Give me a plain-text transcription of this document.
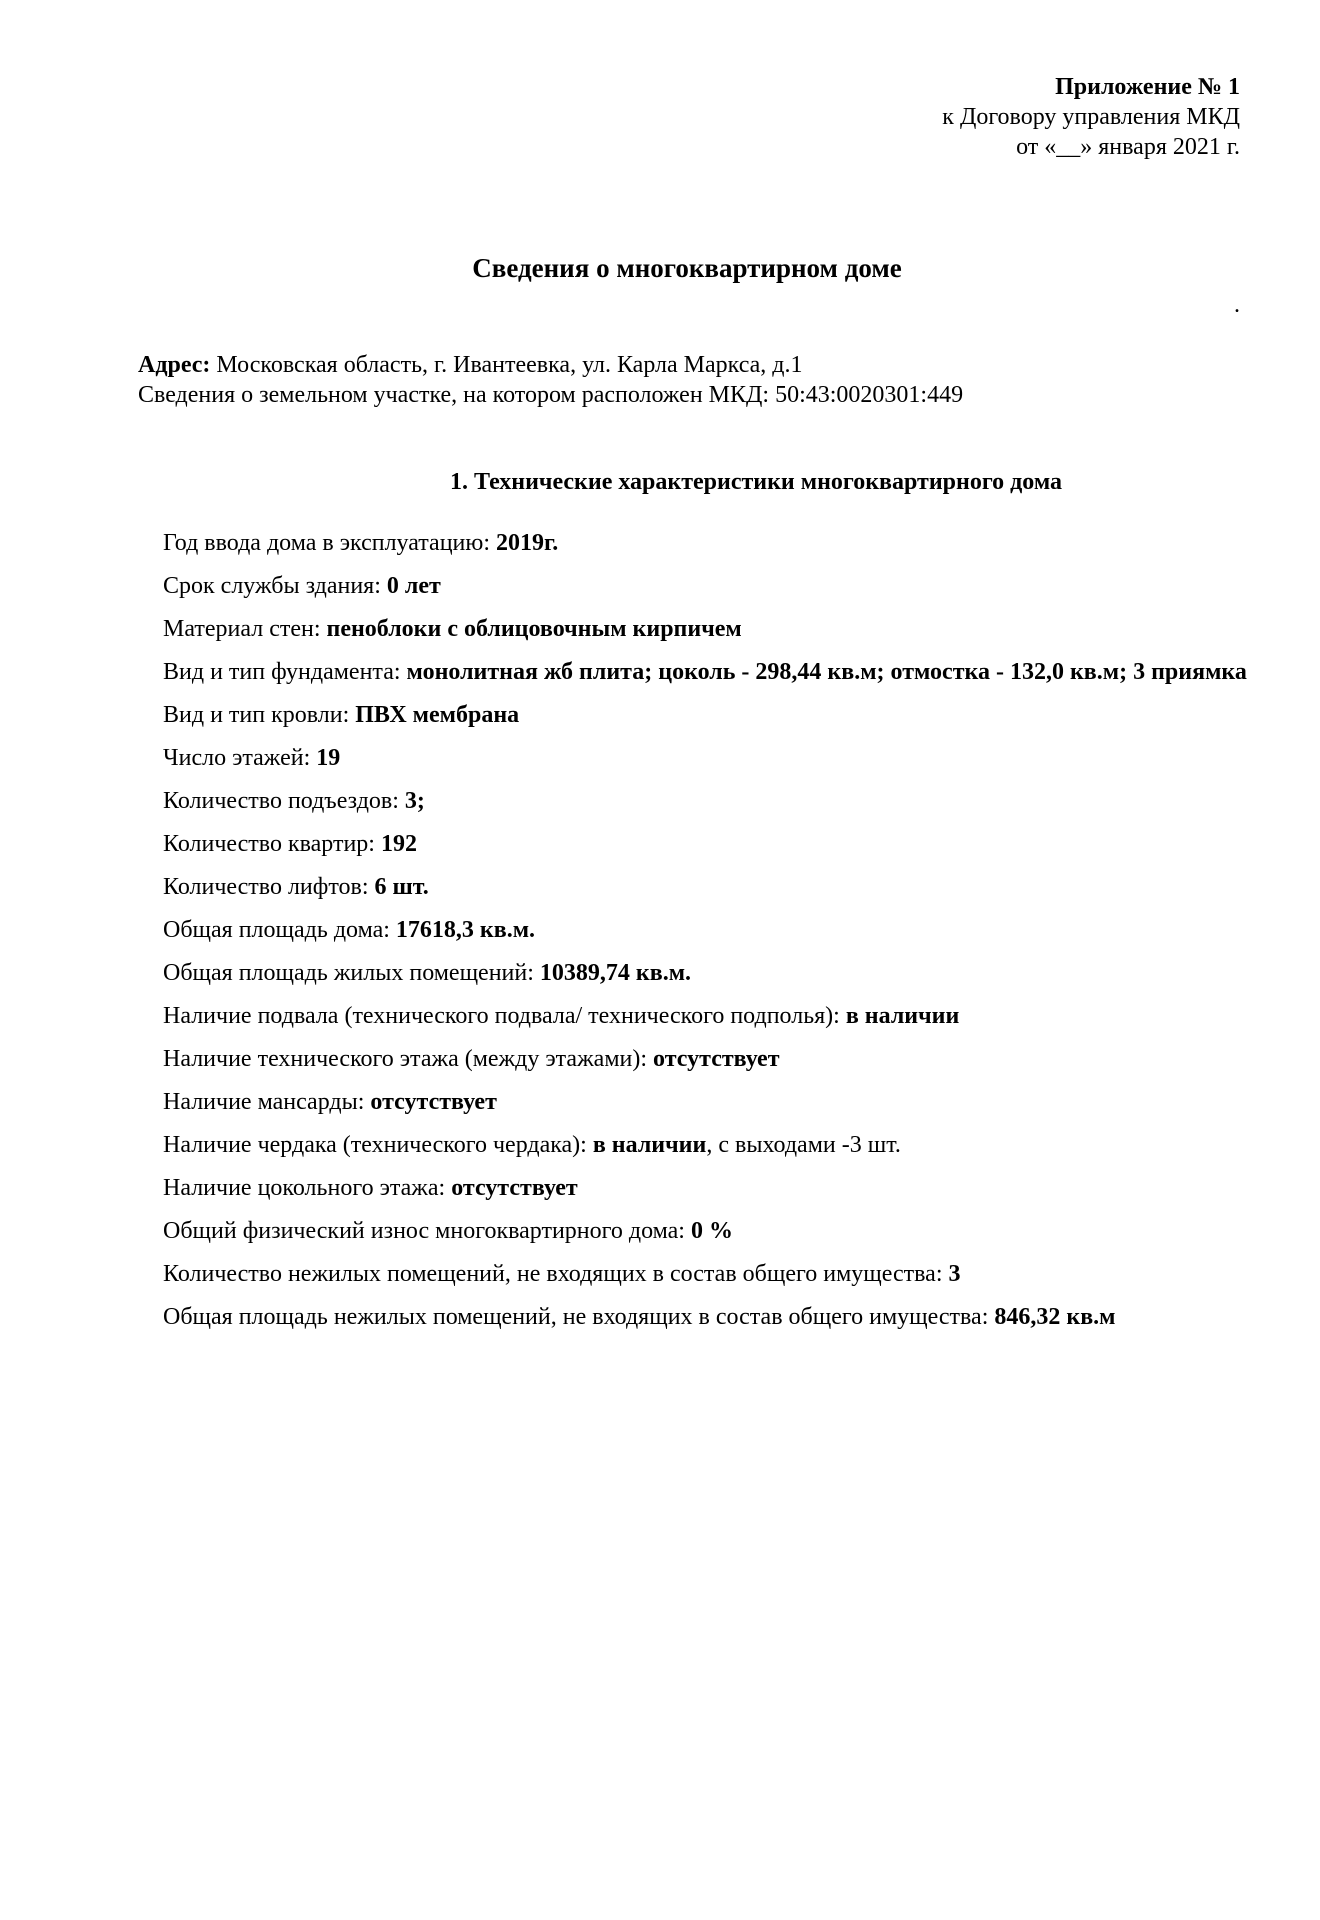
Приложение № 1
к Договору управления МКД
от «__» января 2021 г.
Сведения о многоквартирном доме
.
Адрес: Московская область, г. Ивантеевка, ул. Карла Маркса, д.1
Сведения о земельном участке, на котором расположен МКД: 50:43:0020301:449
1. Технические характеристики многоквартирного дома
Год ввода дома в эксплуатацию: 2019г.
Срок службы здания: 0 лет
Материал стен: пеноблоки с облицовочным кирпичем
Вид и тип фундамента: монолитная жб плита; цоколь - 298,44 кв.м; отмостка - 132,0 кв.м; 3 приямка
Вид и тип кровли: ПВХ мембрана
Число этажей: 19
Количество подъездов: 3;
Количество квартир: 192
Количество лифтов: 6 шт.
Общая площадь дома: 17618,3 кв.м.
Общая площадь жилых помещений: 10389,74 кв.м.
Наличие подвала (технического подвала/ технического подполья): в наличии
Наличие технического этажа (между этажами): отсутствует
Наличие мансарды: отсутствует
Наличие чердака (технического чердака): в наличии, с выходами -3 шт.
Наличие цокольного этажа: отсутствует
Общий физический износ многоквартирного дома: 0 %
Количество нежилых помещений, не входящих в состав общего имущества: 3
Общая площадь нежилых помещений, не входящих в состав общего имущества: 846,32 кв.м
